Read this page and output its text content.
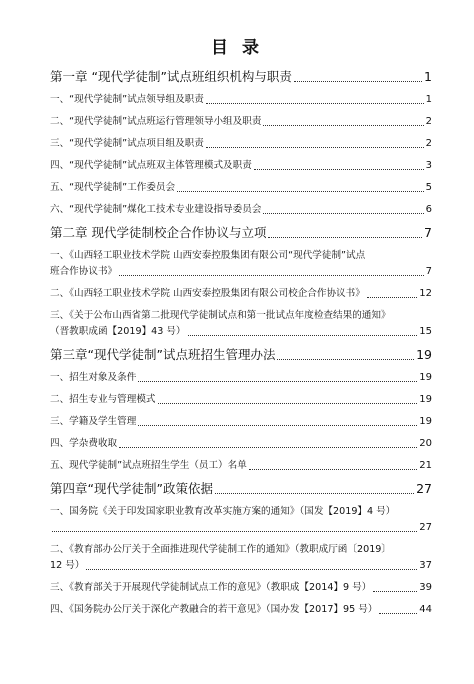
目 录
第一章 “现代学徒制”试点班组织机构与职责	1
一、“现代学徒制”试点领导组及职责	1
二、“现代学徒制”试点班运行管理领导小组及职责	2
三、“现代学徒制”试点项目组及职责	2
四、“现代学徒制”试点班双主体管理模式及职责	3
五、“现代学徒制”工作委员会	5
六、“现代学徒制”煤化工技术专业建设指导委员会	6
第二章 现代学徒制校企合作协议与立项	7
一、《山西轻工职业技术学院 山西安泰控股集团有限公司“现代学徒制”试点
班合作协议书》	7
二、《山西轻工职业技术学院 山西安泰控股集团有限公司校企合作协议书》	12
三、《关于公布山西省第二批现代学徒制试点和第一批试点年度检查结果的通知》
（晋教职成函【2019】43 号）	15
第三章“现代学徒制”试点班招生管理办法	19
一、招生对象及条件	19
二、招生专业与管理模式	19
三、学籍及学生管理	19
四、学杂费收取	20
五、现代学徒制”试点班招生学生（员工）名单	21
第四章“现代学徒制”政策依据	27
一、国务院《关于印发国家职业教育改革实施方案的通知》（国发【2019】4 号）
27
二、《教育部办公厅关于全面推进现代学徒制工作的通知》（教职成厅函〔2019〕
12 号）	37
三、《教育部关于开展现代学徒制试点工作的意见》（教职成【2014】9 号）	39
四、《国务院办公厅关于深化产教融合的若干意见》（国办发【2017】95 号）	44
